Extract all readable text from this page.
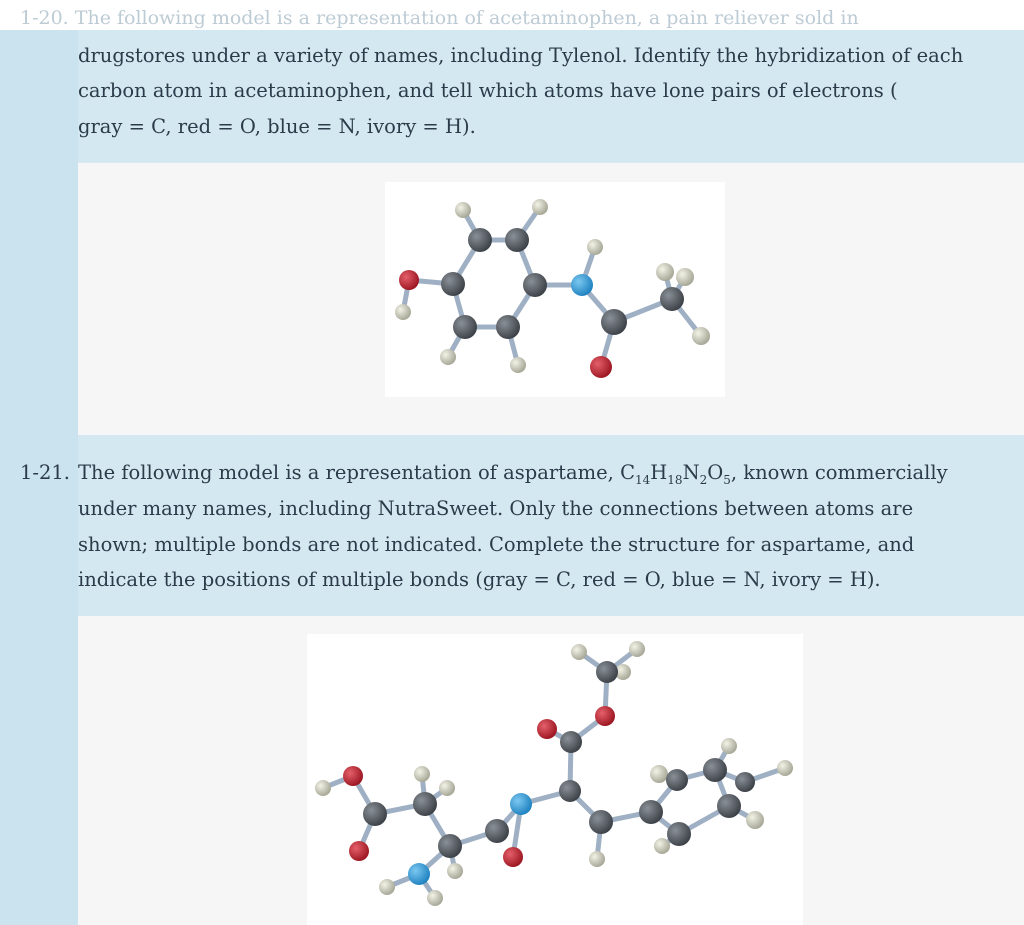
1-20. The following model is a representation of acetaminophen, a pain reliever sold in
drugstores under a variety of names, including Tylenol. Identify the hybridization of each
carbon atom in acetaminophen, and tell which atoms have lone pairs of electrons (
gray = C, red = O, blue = N, ivory = H).
1-21. The following model is a representation of aspartame, $C_{14}H_{18}N_2O_5$, known commercially
under many names, including NutraSweet. Only the connections between atoms are
shown; multiple bonds are not indicated. Complete the structure for aspartame, and
indicate the positions of multiple bonds (gray = C, red = O, blue = N, ivory = H).
